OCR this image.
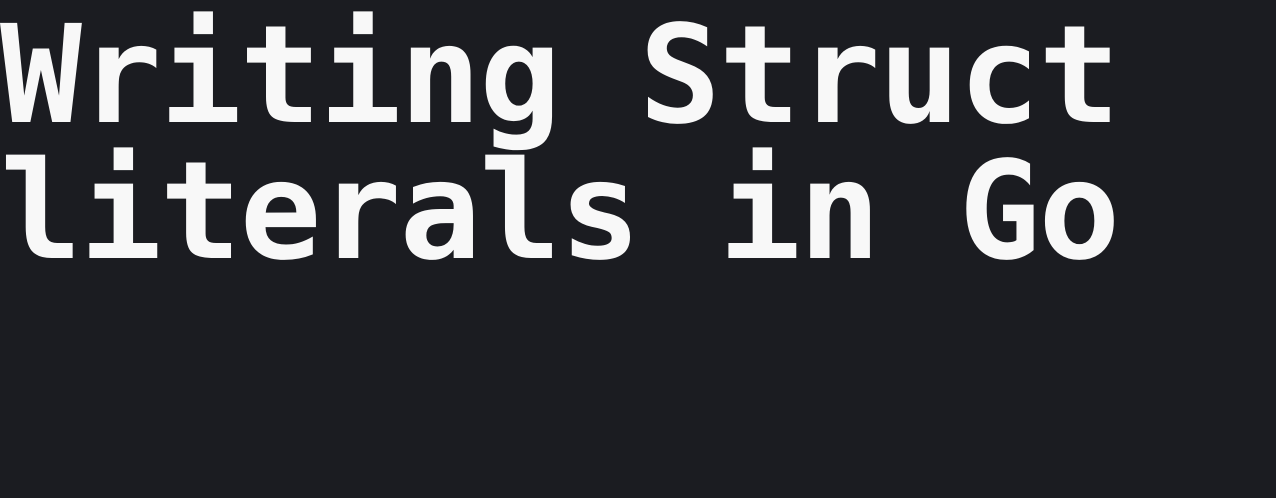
Writing Struct
literals in Go
